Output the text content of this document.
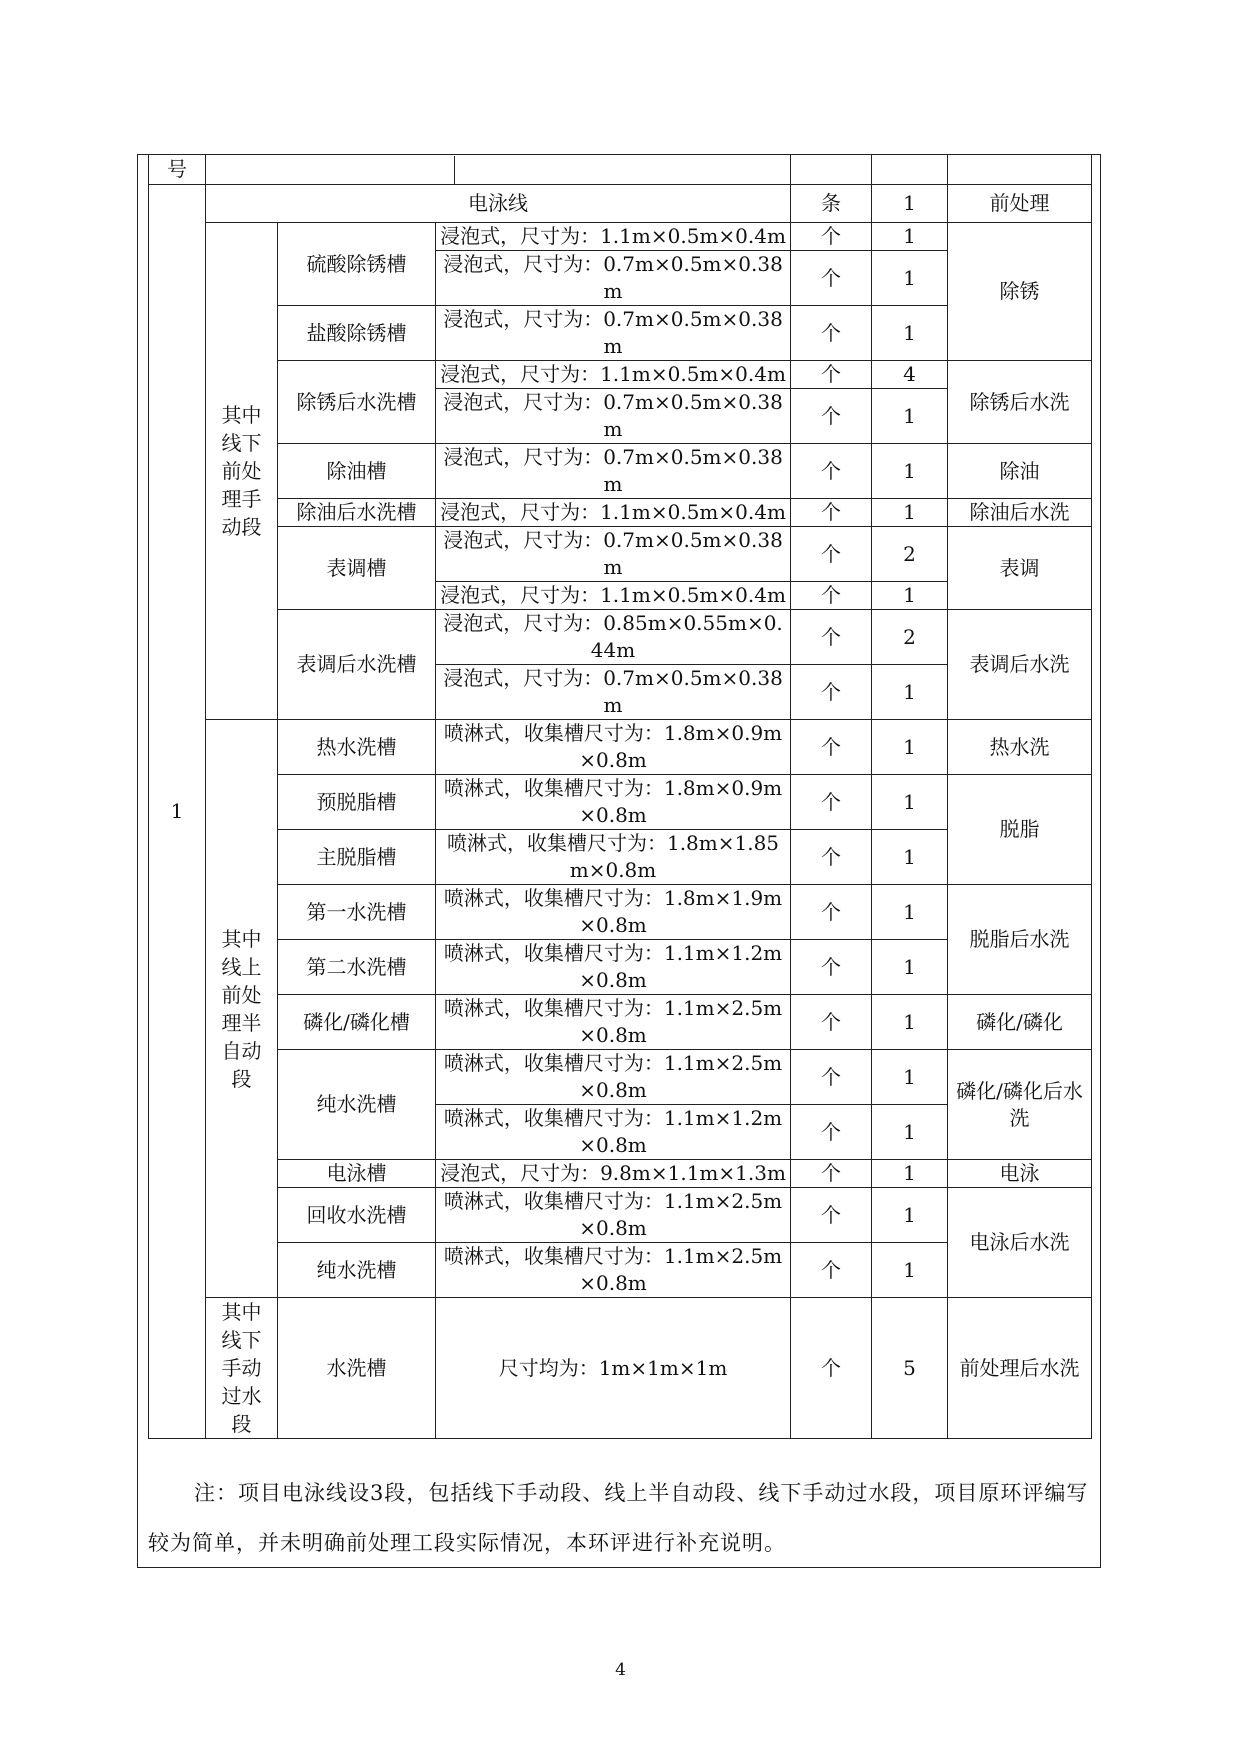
号			

1	电泳线			条	1	前处理
	其中线下前处理手动段	硫酸除锈槽	浸泡式，尺寸为：1.1m×0.5m×0.4m	个	1	除锈
			浸泡式，尺寸为：0.7m×0.5m×0.38m	个	1	
		盐酸除锈槽	浸泡式，尺寸为：0.7m×0.5m×0.38m	个	1	
		除锈后水洗槽	浸泡式，尺寸为：1.1m×0.5m×0.4m	个	4	除锈后水洗
			浸泡式，尺寸为：0.7m×0.5m×0.38m	个	1	
		除油槽	浸泡式，尺寸为：0.7m×0.5m×0.38m	个	1	除油
		除油后水洗槽	浸泡式，尺寸为：1.1m×0.5m×0.4m	个	1	除油后水洗
		表调槽	浸泡式，尺寸为：0.7m×0.5m×0.38m	个	2	表调
			浸泡式，尺寸为：1.1m×0.5m×0.4m	个	1	
		表调后水洗槽	浸泡式，尺寸为：0.85m×0.55m×0.44m	个	2	表调后水洗
			浸泡式，尺寸为：0.7m×0.5m×0.38m	个	1	
	其中线上前处理半自动段	热水洗槽	喷淋式，收集槽尺寸为：1.8m×0.9m×0.8m	个	1	热水洗
		预脱脂槽	喷淋式，收集槽尺寸为：1.8m×0.9m×0.8m	个	1	脱脂
		主脱脂槽	喷淋式，收集槽尺寸为：1.8m×1.85m×0.8m	个	1	
		第一水洗槽	喷淋式，收集槽尺寸为：1.8m×1.9m×0.8m	个	1	脱脂后水洗
		第二水洗槽	喷淋式，收集槽尺寸为：1.1m×1.2m×0.8m	个	1	
		磷化/磷化槽	喷淋式，收集槽尺寸为：1.1m×2.5m×0.8m	个	1	磷化/磷化
		纯水洗槽	喷淋式，收集槽尺寸为：1.1m×2.5m×0.8m	个	1	磷化/磷化后水洗
			喷淋式，收集槽尺寸为：1.1m×1.2m×0.8m	个	1	
		电泳槽	浸泡式，尺寸为：9.8m×1.1m×1.3m	个	1	电泳
		回收水洗槽	喷淋式，收集槽尺寸为：1.1m×2.5m×0.8m	个	1	电泳后水洗
		纯水洗槽	喷淋式，收集槽尺寸为：1.1m×2.5m×0.8m	个	1	
	其中线下手动过水段	水洗槽	尺寸均为：1m×1m×1m	个	5	前处理后水洗
注：项目电泳线设3段，包括线下手动段、线上半自动段、线下手动过水段，项目原环评编写较为简单，并未明确前处理工段实际情况，本环评进行补充说明。
4
